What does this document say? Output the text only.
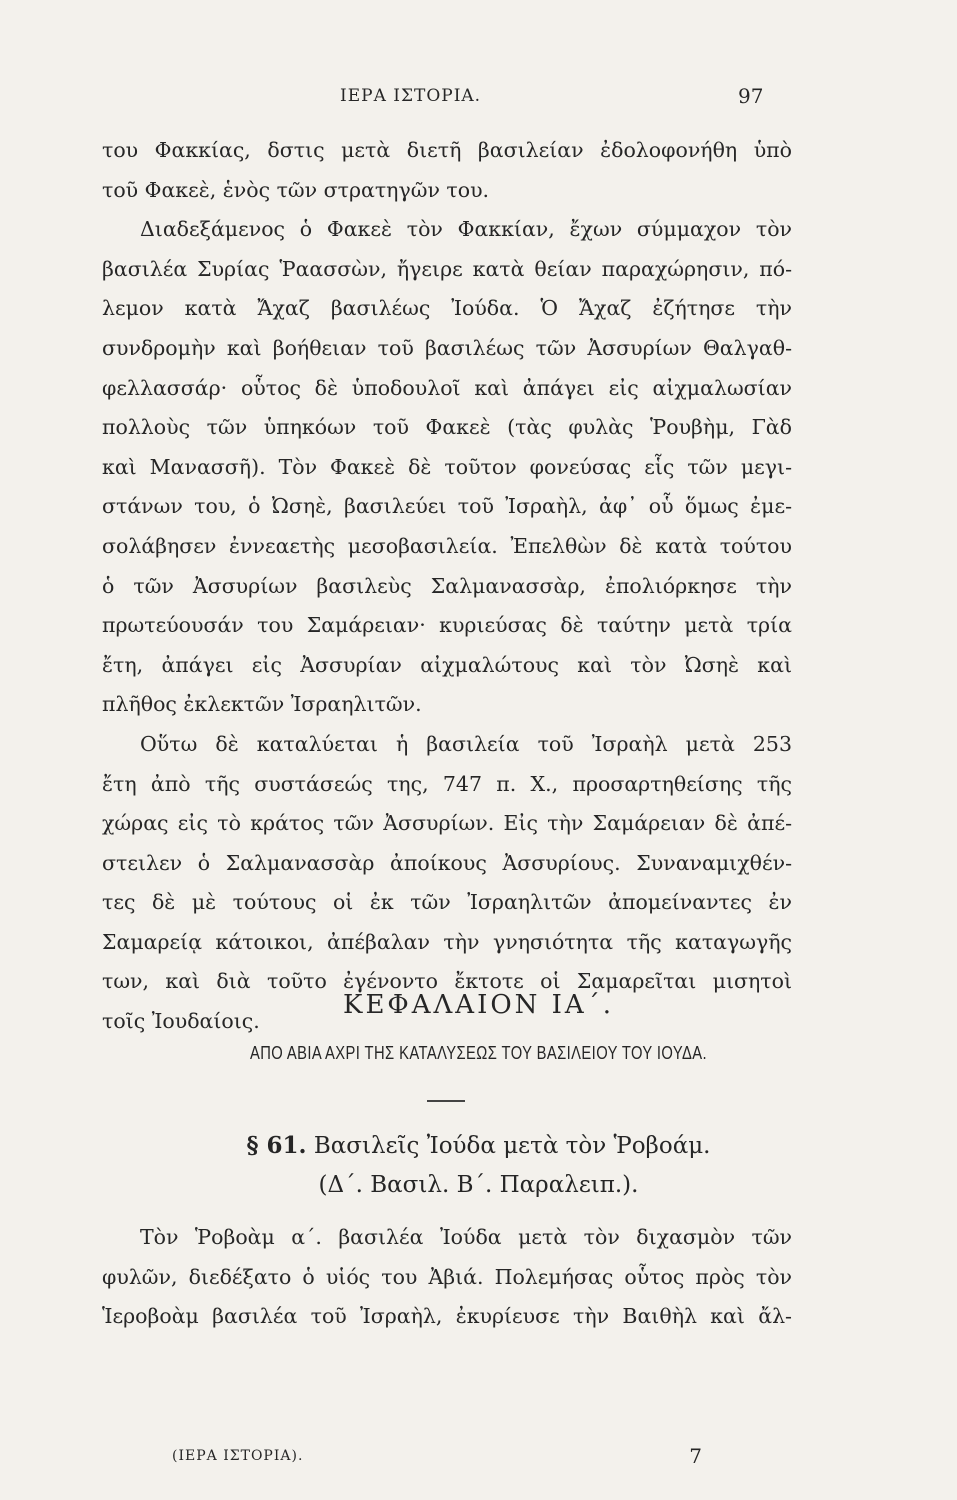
ΙΕΡΑ ΙΣΤΟΡΙΑ.	97
του Φακκίας, δστις μετὰ διετῆ βασιλείαν ἐδολοφονήθη ὑπὸ
τοῦ Φακεὲ, ἑνὸς τῶν στρατηγῶν του.
Διαδεξάμενος ὁ Φακεὲ τὸν Φακκίαν, ἔχων σύμμαχον τὸν
βασιλέα Συρίας Ῥαασσὼν, ἤγειρε κατὰ θείαν παραχώρησιν, πό-
λεμον κατὰ Ἄχαζ βασιλέως Ἰούδα. Ὁ Ἄχαζ ἐζήτησε τὴν
συνδρομὴν καὶ βοήθειαν τοῦ βασιλέως τῶν Ἀσσυρίων Θαλγαθ-
φελλασσάρ· οὗτος δὲ ὑποδουλοῖ καὶ ἀπάγει εἰς αἰχμαλωσίαν
πολλοὺς τῶν ὑπηκόων τοῦ Φακεὲ (τὰς φυλὰς Ῥουβὴμ, Γὰδ
καὶ Μανασσῆ). Τὸν Φακεὲ δὲ τοῦτον φονεύσας εἷς τῶν μεγι-
στάνων του, ὁ Ὠσηὲ, βασιλεύει τοῦ Ἰσραὴλ, ἀφ᾽ οὗ ὅμως ἐμε-
σολάβησεν ἐννεαετὴς μεσοβασιλεία. Ἐπελθὼν δὲ κατὰ τούτου
ὁ τῶν Ἀσσυρίων βασιλεὺς Σαλμανασσὰρ, ἐπολιόρκησε τὴν
πρωτεύουσάν του Σαμάρειαν· κυριεύσας δὲ ταύτην μετὰ τρία
ἔτη, ἀπάγει εἰς Ἀσσυρίαν αἰχμαλώτους καὶ τὸν Ὠσηὲ καὶ
πλῆθος ἐκλεκτῶν Ἰσραηλιτῶν.
Οὕτω δὲ καταλύεται ἡ βασιλεία τοῦ Ἰσραὴλ μετὰ 253
ἔτη ἀπὸ τῆς συστάσεώς της, 747 π. Χ., προσαρτηθείσης τῆς
χώρας εἰς τὸ κράτος τῶν Ἀσσυρίων. Εἰς τὴν Σαμάρειαν δὲ ἀπέ-
στειλεν ὁ Σαλμανασσὰρ ἀποίκους Ἀσσυρίους. Συναναμιχθέν-
τες δὲ μὲ τούτους οἱ ἐκ τῶν Ἰσραηλιτῶν ἀπομείναντες ἐν
Σαμαρείᾳ κάτοικοι, ἀπέβαλαν τὴν γνησιότητα τῆς καταγωγῆς
των, καὶ διὰ τοῦτο ἐγένοντο ἔκτοτε οἱ Σαμαρεῖται μισητοὶ
τοῖς Ἰουδαίοις.
ΚΕΦΑΛΑΙΟΝ ΙΑ΄.
ΑΠΟ ΑΒΙΑ ΑΧΡΙ ΤΗΣ ΚΑΤΑΛΥΣΕΩΣ ΤΟΥ ΒΑΣΙΛΕΙΟΥ ΤΟΥ ΙΟΥΔΑ.
§ 61. Βασιλεῖς Ἰούδα μετὰ τὸν Ῥοβοάμ.
(Δ΄. Βασιλ. Β΄. Παραλειπ.).
Τὸν Ῥοβοὰμ α΄. βασιλέα Ἰούδα μετὰ τὸν διχασμὸν τῶν
φυλῶν, διεδέξατο ὁ υἱός του Ἀβιά. Πολεμήσας οὗτος πρὸς τὸν
Ἱεροβοὰμ βασιλέα τοῦ Ἰσραὴλ, ἐκυρίευσε τὴν Βαιθὴλ καὶ ἄλ-
(ΙΕΡΑ ΙΣΤΟΡΙΑ).	7
